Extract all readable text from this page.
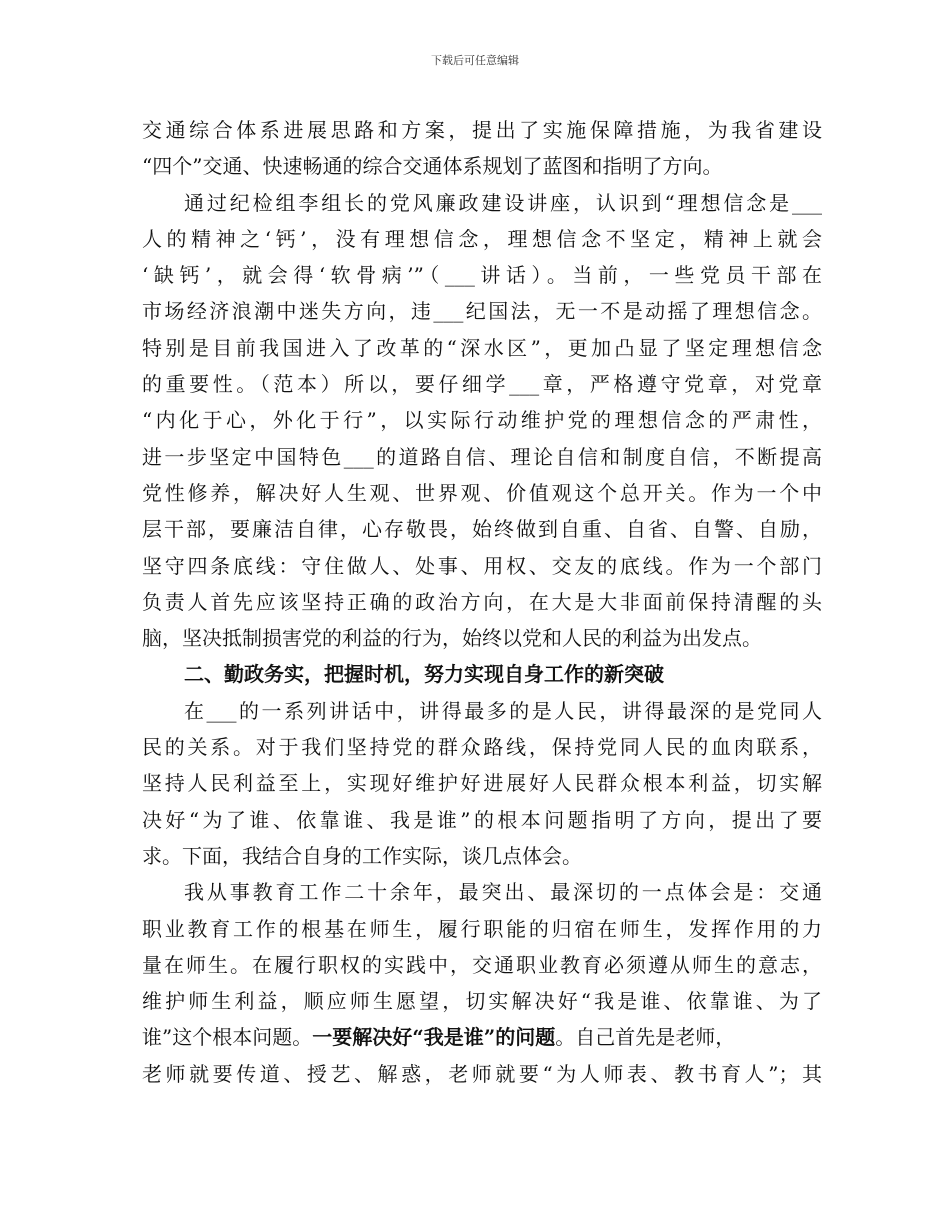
下载后可任意编辑
交通综合体系进展思路和方案，提出了实施保障措施，为我省建设
“四个”交通、快速畅通的综合交通体系规划了蓝图和指明了方向。
通过纪检组李组长的党风廉政建设讲座，认识到“理想信念是___
人的精神之‘钙’，没有理想信念，理想信念不坚定，精神上就会
‘缺钙’，就会得‘软骨病’”（___讲话）。当前，一些党员干部在
市场经济浪潮中迷失方向，违___纪国法，无一不是动摇了理想信念。
特别是目前我国进入了改革的“深水区”，更加凸显了坚定理想信念
的重要性。（范本）所以，要仔细学___章，严格遵守党章，对党章
“内化于心，外化于行”，以实际行动维护党的理想信念的严肃性，
进一步坚定中国特色___的道路自信、理论自信和制度自信，不断提高
党性修养，解决好人生观、世界观、价值观这个总开关。作为一个中
层干部，要廉洁自律，心存敬畏，始终做到自重、自省、自警、自励，
坚守四条底线：守住做人、处事、用权、交友的底线。作为一个部门
负责人首先应该坚持正确的政治方向，在大是大非面前保持清醒的头
脑，坚决抵制损害党的利益的行为，始终以党和人民的利益为出发点。
二、勤政务实，把握时机，努力实现自身工作的新突破
在___的一系列讲话中，讲得最多的是人民，讲得最深的是党同人
民的关系。对于我们坚持党的群众路线，保持党同人民的血肉联系，
坚持人民利益至上，实现好维护好进展好人民群众根本利益，切实解
决好“为了谁、依靠谁、我是谁”的根本问题指明了方向，提出了要
求。下面，我结合自身的工作实际，谈几点体会。
我从事教育工作二十余年，最突出、最深切的一点体会是：交通
职业教育工作的根基在师生，履行职能的归宿在师生，发挥作用的力
量在师生。在履行职权的实践中，交通职业教育必须遵从师生的意志，
维护师生利益，顺应师生愿望，切实解决好“我是谁、依靠谁、为了
谁”这个根本问题。一要解决好“我是谁”的问题。自己首先是老师，
老师就要传道、授艺、解惑，老师就要“为人师表、教书育人”；其
